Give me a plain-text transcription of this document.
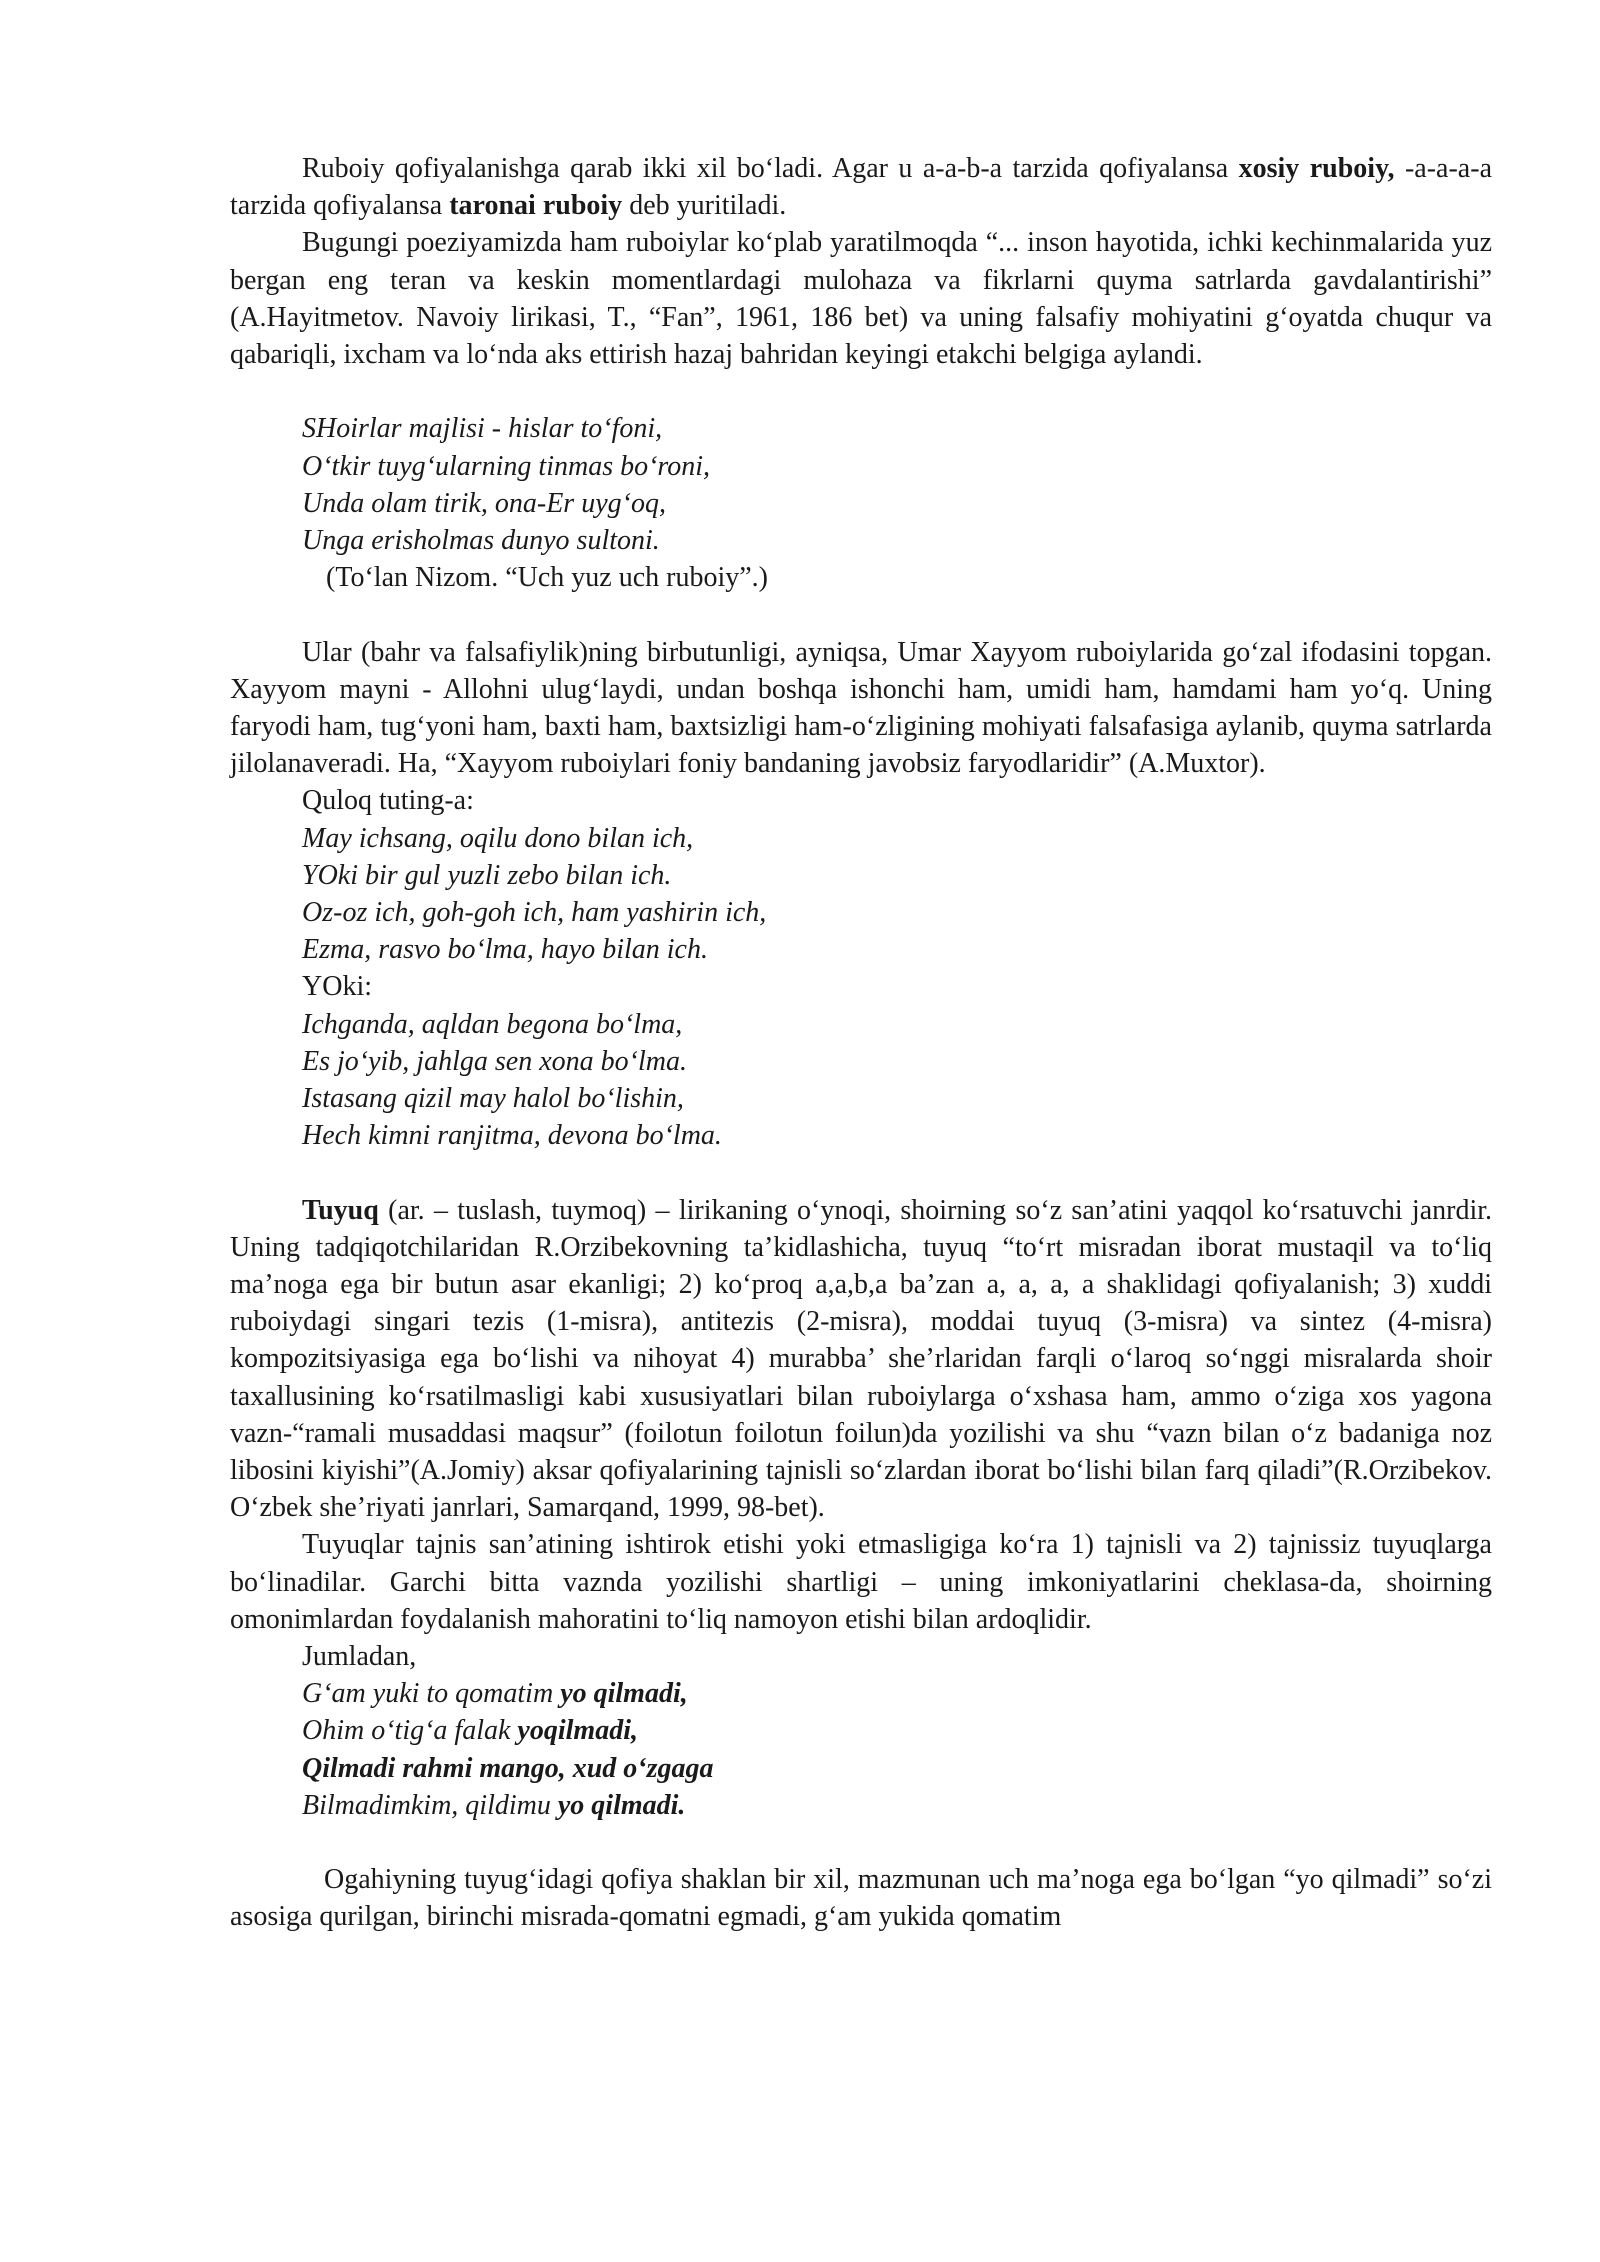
Ruboiy qofiyalanishga qarab ikki xil bo‘ladi. Agar u a-a-b-a tarzida qofiyalansa xosiy ruboiy, -a-a-a-a tarzida qofiyalansa taronai ruboiy deb yuritiladi.

Bugungi poeziyamizda ham ruboiylar ko‘plab yaratilmoqda “... inson hayotida, ichki kechinmalarida yuz bergan eng teran va keskin momentlardagi mulohaza va fikrlarni quyma satrlarda gavdalantirishi” (A.Hayitmetov. Navoiy lirikasi, T., “Fan”, 1961, 186 bet) va uning falsafiy mohiyatini g‘oyatda chuqur va qabariqli, ixcham va lo‘nda aks ettirish hazaj bahridan keyingi etakchi belgiga aylandi.

SHoirlar majlisi - hislar to‘foni,

O‘tkir tuyg‘ularning tinmas bo‘roni,

Unda olam tirik, ona-Er uyg‘oq,

Unga erisholmas dunyo sultoni.

(To‘lan Nizom. “Uch yuz uch ruboiy”.)

Ular (bahr va falsafiylik)ning birbutunligi, ayniqsa, Umar Xayyom ruboiylarida go‘zal ifodasini topgan. Xayyom mayni - Allohni ulug‘laydi, undan boshqa ishonchi ham, umidi ham, hamdami ham yo‘q. Uning faryodi ham, tug‘yoni ham, baxti ham, baxtsizligi ham-o‘zligining mohiyati falsafasiga aylanib, quyma satrlarda jilolanaveradi. Ha, “Xayyom ruboiylari foniy bandaning javobsiz faryodlaridir” (A.Muxtor).

Quloq tuting-a:

May ichsang, oqilu dono bilan ich,

YOki bir gul yuzli zebo bilan ich.

Oz-oz ich, goh-goh ich, ham yashirin ich,

Ezma, rasvo bo‘lma, hayo bilan ich.

YOki:

Ichganda, aqldan begona bo‘lma,

Es jo‘yib, jahlga sen xona bo‘lma.

Istasang qizil may halol bo‘lishin,

Hech kimni ranjitma, devona bo‘lma.

Tuyuq (ar. – tuslash, tuymoq) – lirikaning o‘ynoqi, shoirning so‘z san’atini yaqqol ko‘rsatuvchi janrdir. Uning tadqiqotchilaridan R.Orzibekovning ta’kidlashicha, tuyuq “to‘rt misradan iborat mustaqil va to‘liq ma’noga ega bir butun asar ekanligi; 2) ko‘proq a,a,b,a ba’zan a, a, a, a shaklidagi qofiyalanish; 3) xuddi ruboiydagi singari tezis (1-misra), antitezis (2-misra), moddai tuyuq (3-misra) va sintez (4-misra) kompozitsiyasiga ega bo‘lishi va nihoyat 4) murabba’ she’rlaridan farqli o‘laroq so‘nggi misralarda shoir taxallusining ko‘rsatilmasligi kabi xususiyatlari bilan ruboiylarga o‘xshasa ham, ammo o‘ziga xos yagona vazn-“ramali musaddasi maqsur” (foilotun foilotun foilun)da yozilishi va shu “vazn bilan o‘z badaniga noz libosini kiyishi”(A.Jomiy) aksar qofiyalarining tajnisli so‘zlardan iborat bo‘lishi bilan farq qiladi”(R.Orzibekov. O‘zbek she’riyati janrlari, Samarqand, 1999, 98-bet).

Tuyuqlar tajnis san’atining ishtirok etishi yoki etmasligiga ko‘ra 1) tajnisli va 2) tajnissiz tuyuqlarga bo‘linadilar. Garchi bitta vaznda yozilishi shartligi – uning imkoniyatlarini cheklasa-da, shoirning omonimlardan foydalanish mahoratini to‘liq namoyon etishi bilan ardoqlidir.

Jumladan,

G‘am yuki to qomatim yo qilmadi,

Ohim o‘tig‘a falak yoqilmadi,

Qilmadi rahmi mango, xud o‘zgaga

Bilmadimkim, qildimu yo qilmadi.

Ogahiyning tuyug‘idagi qofiya shaklan bir xil, mazmunan uch ma’noga ega bo‘lgan “yo qilmadi” so‘zi asosiga qurilgan, birinchi misrada-qomatni egmadi, g‘am yukida qomatim
